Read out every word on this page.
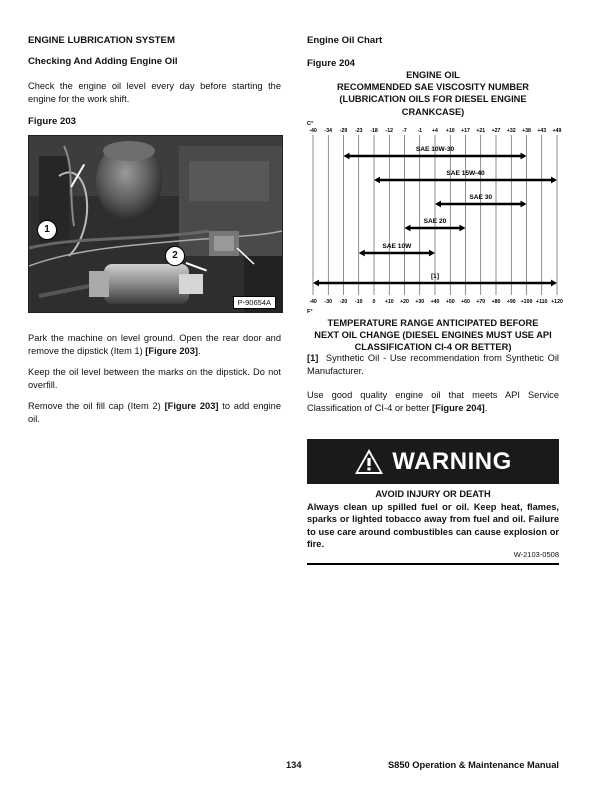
ENGINE LUBRICATION SYSTEM
Checking And Adding Engine Oil
Check the engine oil level every day before starting the engine for the work shift.
Figure 203
1
2
P-90654A
Park the machine on level ground. Open the rear door and remove the dipstick (Item 1) [Figure 203].
Keep the oil level between the marks on the dipstick. Do not overfill.
Remove the oil fill cap (Item 2) [Figure 203] to add engine oil.
Engine Oil Chart
Figure 204
ENGINE OIL
RECOMMENDED SAE VISCOSITY NUMBER
(LUBRICATION OILS FOR DIESEL ENGINE
CRANKCASE)
C°
F°
-40 -34 -29 -23 -18 -12 -7 -1 +4 +10 +17 +21 +27 +32 +38 +43 +49
-40 -30 -20 -10 0 +10 +20 +30 +40 +50 +60 +70 +80 +90 +100 +110 +120
SAE 10W-30
SAE 15W-40
SAE 30
SAE 20
SAE 10W
[1]
TEMPERATURE RANGE ANTICIPATED BEFORE
NEXT OIL CHANGE (DIESEL ENGINES MUST USE API
CLASSIFICATION CI-4 OR BETTER)
[1] Synthetic Oil - Use recommendation from Synthetic Oil Manufacturer.
Use good quality engine oil that meets API Service Classification of CI-4 or better [Figure 204].
WARNING
AVOID INJURY OR DEATH
Always clean up spilled fuel or oil. Keep heat, flames, sparks or lighted tobacco away from fuel and oil. Failure to use care around combustibles can cause explosion or fire.
W-2103-0508
134	S850 Operation & Maintenance Manual
